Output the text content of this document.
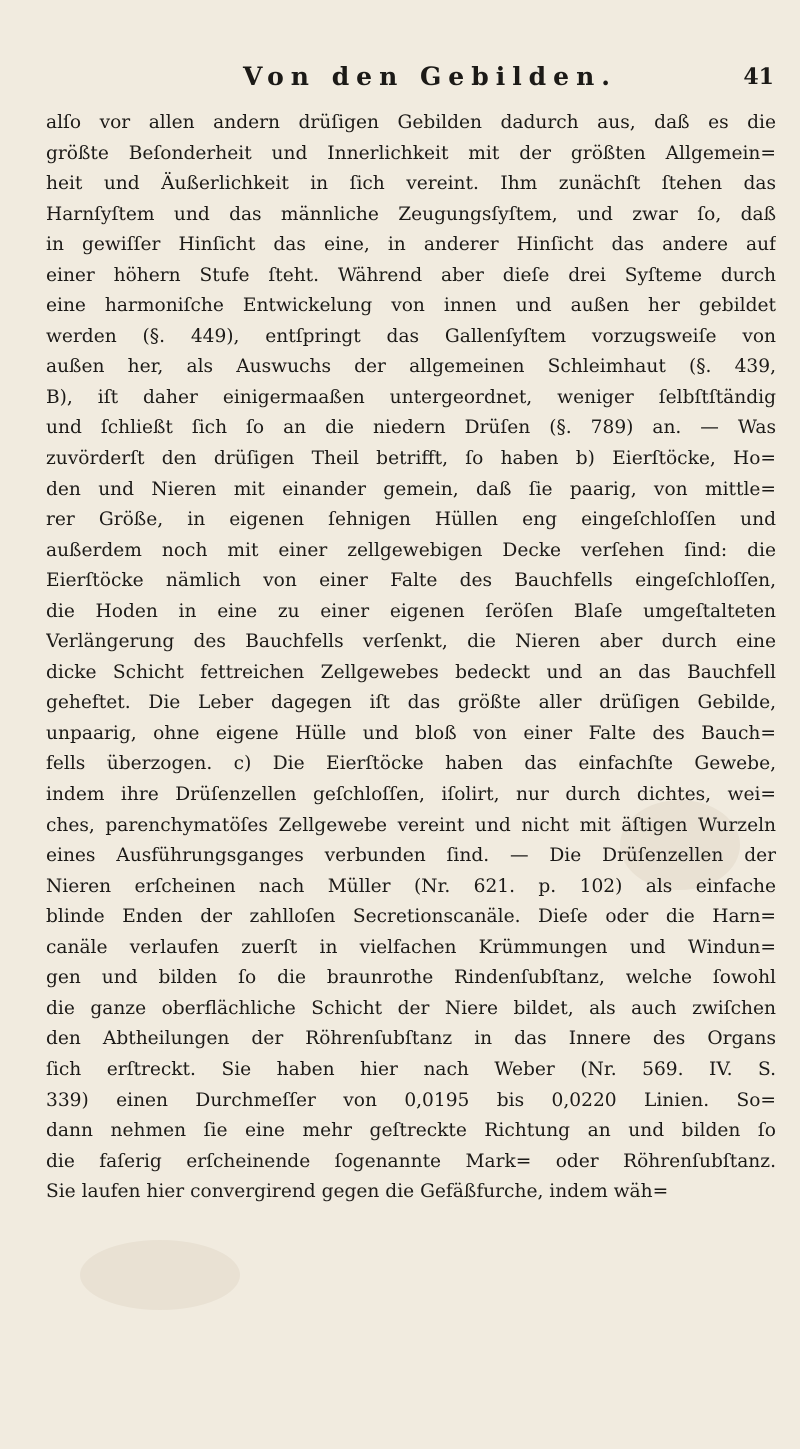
Von den Gebilden.	41
alſo vor allen andern drüſigen Gebilden dadurch aus, daß es die
größte Beſonderheit und Innerlichkeit mit der größten Allgemein=
heit und Äußerlichkeit in ſich vereint. Ihm zunächſt ſtehen das
Harnſyſtem und das männliche Zeugungsſyſtem, und zwar ſo, daß
in gewiſſer Hinſicht das eine, in anderer Hinſicht das andere auf
einer höhern Stufe ſteht. Während aber dieſe drei Syſteme durch
eine harmoniſche Entwickelung von innen und außen her gebildet
werden (§. 449), entſpringt das Gallenſyſtem vorzugsweiſe von
außen her, als Auswuchs der allgemeinen Schleimhaut (§. 439,
B), iſt daher einigermaaßen untergeordnet, weniger ſelbſtſtändig
und ſchließt ſich ſo an die niedern Drüſen (§. 789) an. — Was
zuvörderſt den drüſigen Theil betrifft, ſo haben b) Eierſtöcke, Ho=
den und Nieren mit einander gemein, daß ſie paarig, von mittle=
rer Größe, in eigenen ſehnigen Hüllen eng eingeſchloſſen und
außerdem noch mit einer zellgewebigen Decke verſehen ſind: die
Eierſtöcke nämlich von einer Falte des Bauchfells eingeſchloſſen,
die Hoden in eine zu einer eigenen ſeröſen Blaſe umgeſtalteten
Verlängerung des Bauchfells verſenkt, die Nieren aber durch eine
dicke Schicht fettreichen Zellgewebes bedeckt und an das Bauchfell
geheftet. Die Leber dagegen iſt das größte aller drüſigen Gebilde,
unpaarig, ohne eigene Hülle und bloß von einer Falte des Bauch=
fells überzogen. c) Die Eierſtöcke haben das einfachſte Gewebe,
indem ihre Drüſenzellen geſchloſſen, iſolirt, nur durch dichtes, wei=
ches, parenchymatöſes Zellgewebe vereint und nicht mit äſtigen Wurzeln
eines Ausführungsganges verbunden ſind. — Die Drüſenzellen der
Nieren erſcheinen nach Müller (Nr. 621. p. 102) als einfache
blinde Enden der zahlloſen Secretionscanäle. Dieſe oder die Harn=
canäle verlaufen zuerſt in vielfachen Krümmungen und Windun=
gen und bilden ſo die braunrothe Rindenſubſtanz, welche ſowohl
die ganze oberflächliche Schicht der Niere bildet, als auch zwiſchen
den Abtheilungen der Röhrenſubſtanz in das Innere des Organs
ſich erſtreckt. Sie haben hier nach Weber (Nr. 569. IV. S.
339) einen Durchmeſſer von 0,0195 bis 0,0220 Linien. So=
dann nehmen ſie eine mehr geſtreckte Richtung an und bilden ſo
die faſerig erſcheinende ſogenannte Mark= oder Röhrenſubſtanz.
Sie laufen hier convergirend gegen die Gefäßfurche, indem wäh=
